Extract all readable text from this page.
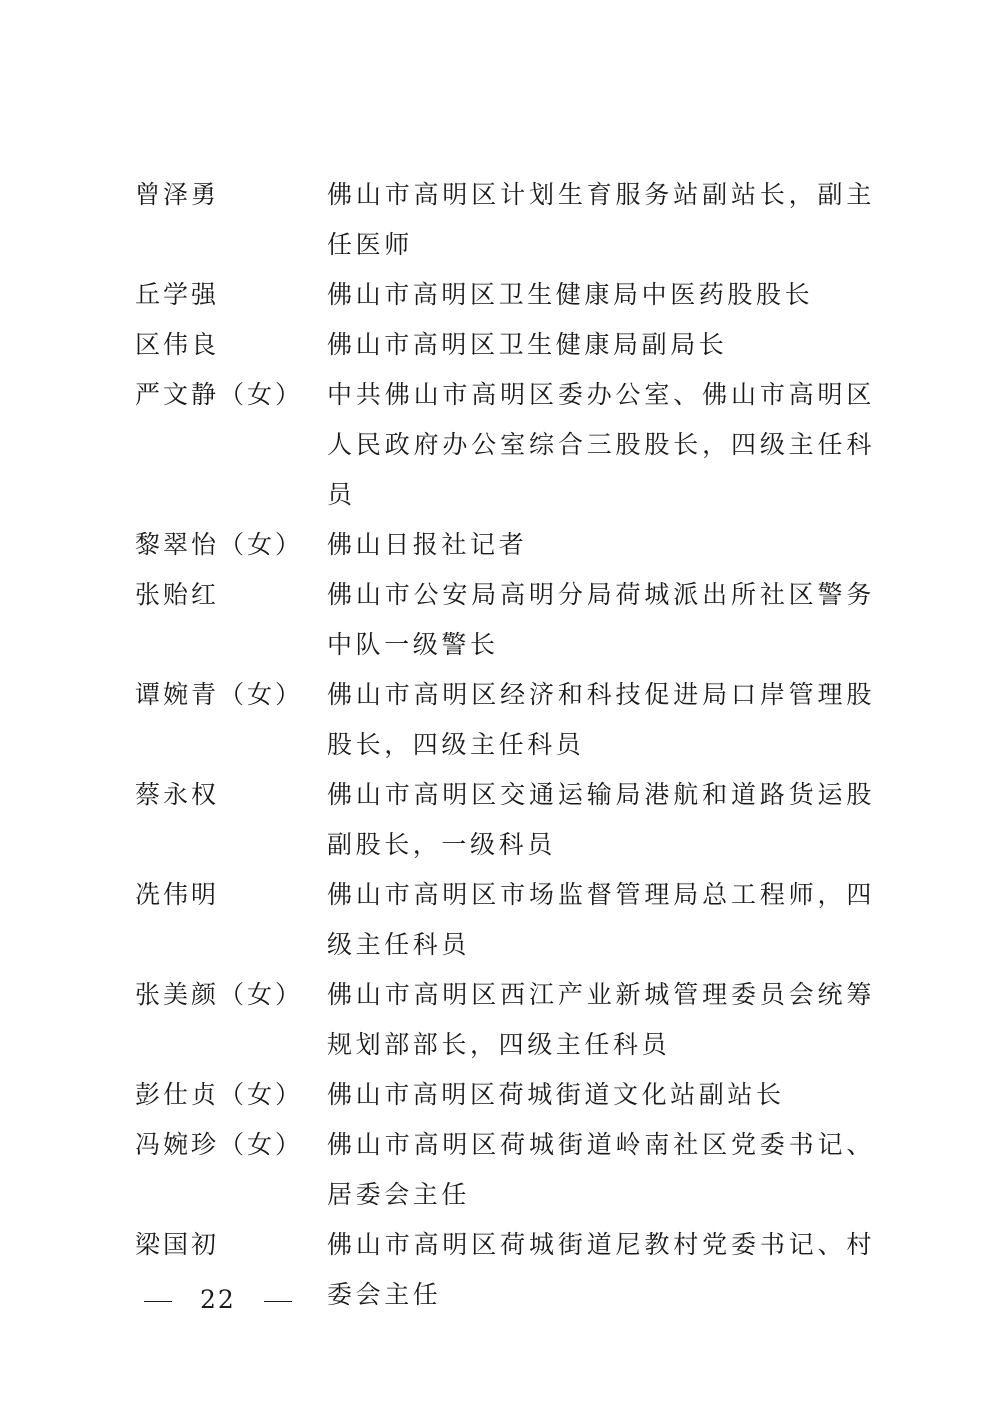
曾泽勇	佛山市高明区计划生育服务站副站长，副主任医师
丘学强	佛山市高明区卫生健康局中医药股股长
区伟良	佛山市高明区卫生健康局副局长
严文静（女） 中共佛山市高明区委办公室、佛山市高明区人民政府办公室综合三股股长，四级主任科员
黎翠怡（女） 佛山日报社记者
张贻红	佛山市公安局高明分局荷城派出所社区警务中队一级警长
谭婉青（女） 佛山市高明区经济和科技促进局口岸管理股股长，四级主任科员
蔡永权	佛山市高明区交通运输局港航和道路货运股副股长，一级科员
冼伟明	佛山市高明区市场监督管理局总工程师，四级主任科员
张美颜（女） 佛山市高明区西江产业新城管理委员会统筹规划部部长，四级主任科员
彭仕贞（女） 佛山市高明区荷城街道文化站副站长
冯婉珍（女） 佛山市高明区荷城街道岭南社区党委书记、居委会主任
梁国初	佛山市高明区荷城街道尼教村党委书记、村委会主任
22
